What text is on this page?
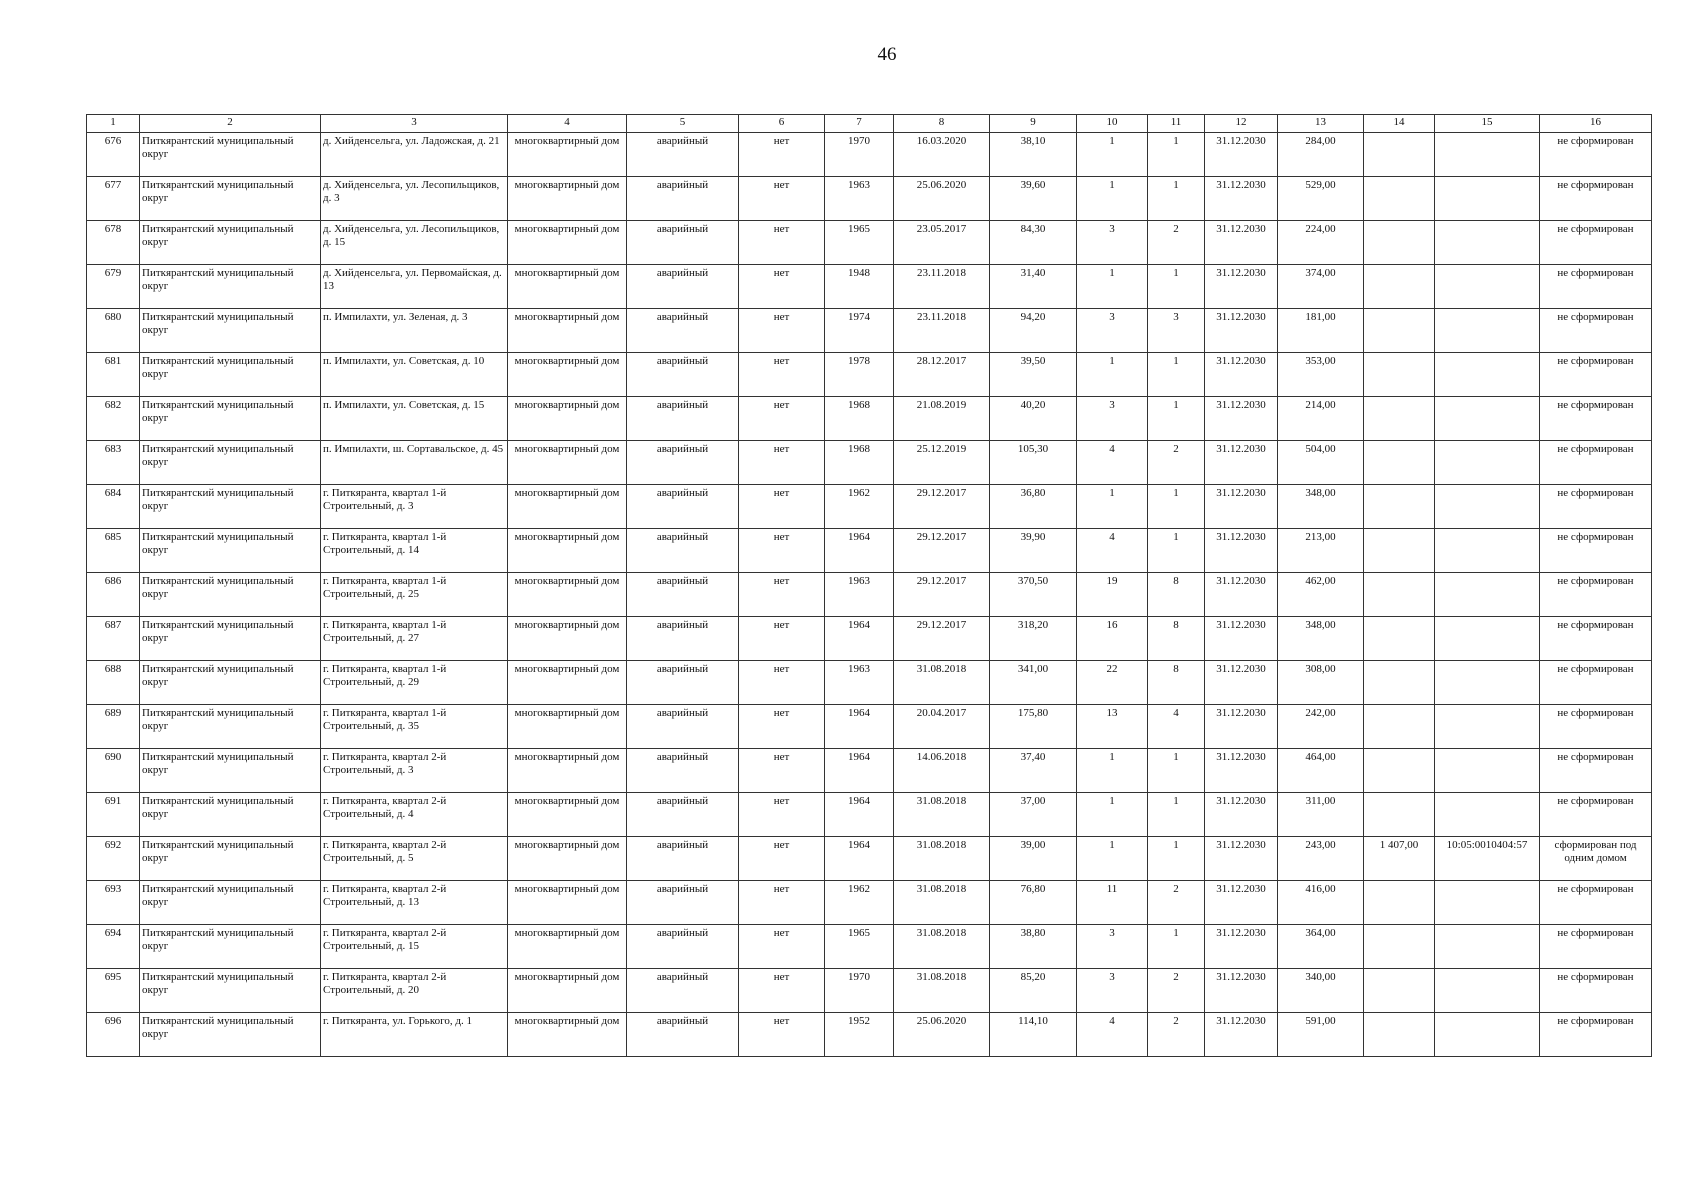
46
1	2	3	4	5	6	7	8	9	10	11	12	13	14	15	16
676	Питкярантский муниципальный округ	д. Хийденсельга, ул. Ладожская, д. 21	многоквартирный дом	аварийный	нет	1970	16.03.2020	38,10	1	1	31.12.2030	284,00			не сформирован
677	Питкярантский муниципальный округ	д. Хийденсельга, ул. Лесопильщиков, д. 3	многоквартирный дом	аварийный	нет	1963	25.06.2020	39,60	1	1	31.12.2030	529,00			не сформирован
678	Питкярантский муниципальный округ	д. Хийденсельга, ул. Лесопильщиков, д. 15	многоквартирный дом	аварийный	нет	1965	23.05.2017	84,30	3	2	31.12.2030	224,00			не сформирован
679	Питкярантский муниципальный округ	д. Хийденсельга, ул. Первомайская, д. 13	многоквартирный дом	аварийный	нет	1948	23.11.2018	31,40	1	1	31.12.2030	374,00			не сформирован
680	Питкярантский муниципальный округ	п. Импилахти, ул. Зеленая, д. 3	многоквартирный дом	аварийный	нет	1974	23.11.2018	94,20	3	3	31.12.2030	181,00			не сформирован
681	Питкярантский муниципальный округ	п. Импилахти, ул. Советская, д. 10	многоквартирный дом	аварийный	нет	1978	28.12.2017	39,50	1	1	31.12.2030	353,00			не сформирован
682	Питкярантский муниципальный округ	п. Импилахти, ул. Советская, д. 15	многоквартирный дом	аварийный	нет	1968	21.08.2019	40,20	3	1	31.12.2030	214,00			не сформирован
683	Питкярантский муниципальный округ	п. Импилахти, ш. Сортавальское, д. 45	многоквартирный дом	аварийный	нет	1968	25.12.2019	105,30	4	2	31.12.2030	504,00			не сформирован
684	Питкярантский муниципальный округ	г. Питкяранта, квартал 1-й Строительный, д. 3	многоквартирный дом	аварийный	нет	1962	29.12.2017	36,80	1	1	31.12.2030	348,00			не сформирован
685	Питкярантский муниципальный округ	г. Питкяранта, квартал 1-й Строительный, д. 14	многоквартирный дом	аварийный	нет	1964	29.12.2017	39,90	4	1	31.12.2030	213,00			не сформирован
686	Питкярантский муниципальный округ	г. Питкяранта, квартал 1-й Строительный, д. 25	многоквартирный дом	аварийный	нет	1963	29.12.2017	370,50	19	8	31.12.2030	462,00			не сформирован
687	Питкярантский муниципальный округ	г. Питкяранта, квартал 1-й Строительный, д. 27	многоквартирный дом	аварийный	нет	1964	29.12.2017	318,20	16	8	31.12.2030	348,00			не сформирован
688	Питкярантский муниципальный округ	г. Питкяранта, квартал 1-й Строительный, д. 29	многоквартирный дом	аварийный	нет	1963	31.08.2018	341,00	22	8	31.12.2030	308,00			не сформирован
689	Питкярантский муниципальный округ	г. Питкяранта, квартал 1-й Строительный, д. 35	многоквартирный дом	аварийный	нет	1964	20.04.2017	175,80	13	4	31.12.2030	242,00			не сформирован
690	Питкярантский муниципальный округ	г. Питкяранта, квартал 2-й Строительный, д. 3	многоквартирный дом	аварийный	нет	1964	14.06.2018	37,40	1	1	31.12.2030	464,00			не сформирован
691	Питкярантский муниципальный округ	г. Питкяранта, квартал 2-й Строительный, д. 4	многоквартирный дом	аварийный	нет	1964	31.08.2018	37,00	1	1	31.12.2030	311,00			не сформирован
692	Питкярантский муниципальный округ	г. Питкяранта, квартал 2-й Строительный, д. 5	многоквартирный дом	аварийный	нет	1964	31.08.2018	39,00	1	1	31.12.2030	243,00	1 407,00	10:05:0010404:57	сформирован под одним домом
693	Питкярантский муниципальный округ	г. Питкяранта, квартал 2-й Строительный, д. 13	многоквартирный дом	аварийный	нет	1962	31.08.2018	76,80	11	2	31.12.2030	416,00			не сформирован
694	Питкярантский муниципальный округ	г. Питкяранта, квартал 2-й Строительный, д. 15	многоквартирный дом	аварийный	нет	1965	31.08.2018	38,80	3	1	31.12.2030	364,00			не сформирован
695	Питкярантский муниципальный округ	г. Питкяранта, квартал 2-й Строительный, д. 20	многоквартирный дом	аварийный	нет	1970	31.08.2018	85,20	3	2	31.12.2030	340,00			не сформирован
696	Питкярантский муниципальный округ	г. Питкяранта, ул. Горького, д. 1	многоквартирный дом	аварийный	нет	1952	25.06.2020	114,10	4	2	31.12.2030	591,00			не сформирован
